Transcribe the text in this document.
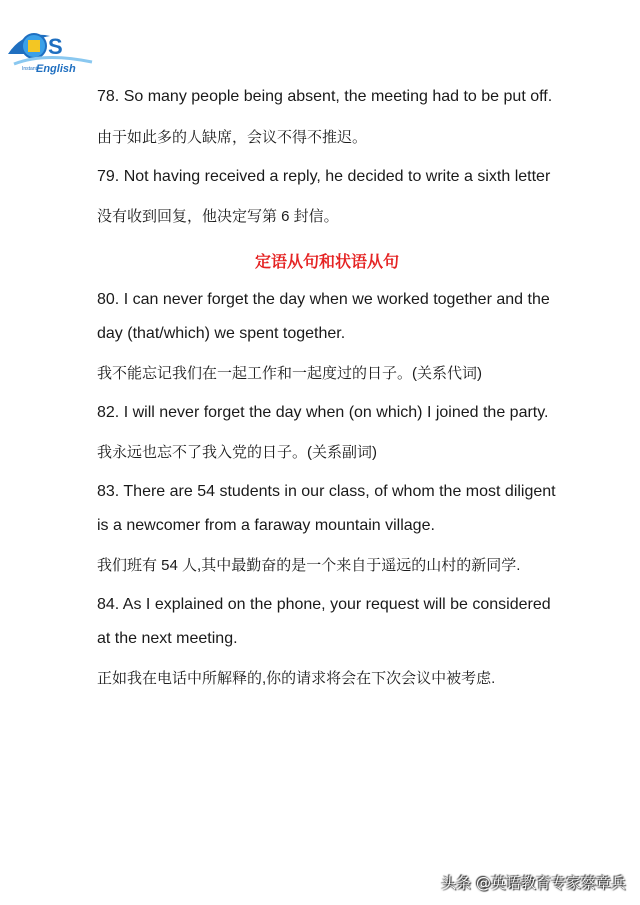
S
Instant
English

78. So many people being absent, the meeting had to be put off.

由于如此多的人缺席，会议不得不推迟。

79. Not having received a reply, he decided to write a sixth letter

没有收到回复，他决定写第 6 封信。

定语从句和状语从句

80. I can never forget the day when we worked together and the day (that/which) we spent together.

我不能忘记我们在一起工作和一起度过的日子。(关系代词)

82. I will never forget the day when (on which) I joined the party.

我永远也忘不了我入党的日子。(关系副词)

83. There are 54 students in our class, of whom the most diligent is a newcomer from a faraway mountain village.

我们班有 54 人,其中最勤奋的是一个来自于遥远的山村的新同学.

84. As I explained on the phone, your request will be considered at the next meeting.

正如我在电话中所解释的,你的请求将会在下次会议中被考虑.

头条 @英语教育专家蔡章兵
